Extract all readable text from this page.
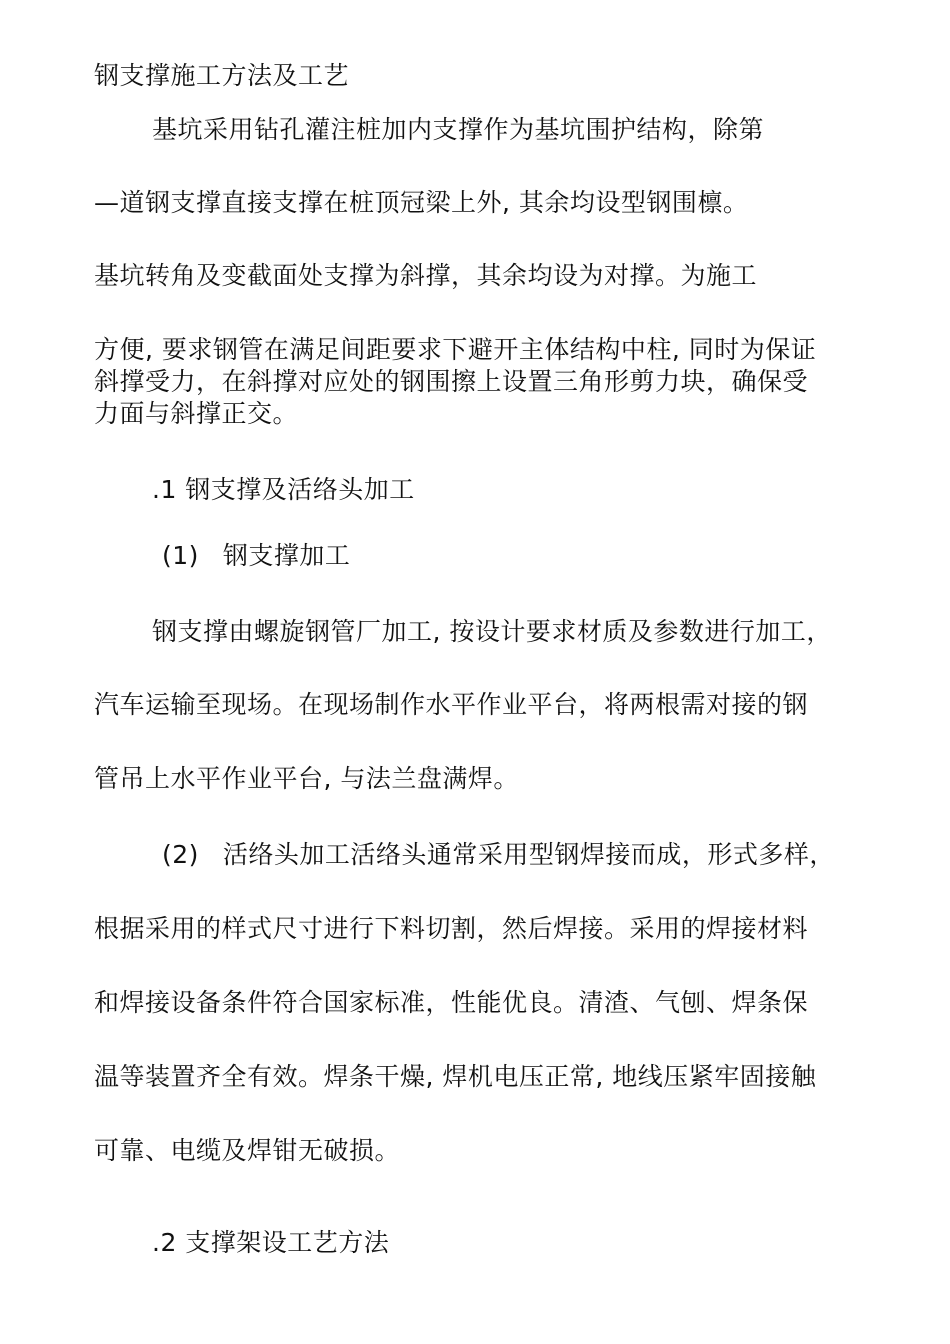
钢支撑施工方法及工艺
基坑采用钻孔灌注桩加内支撑作为基坑围护结构，除第
—道钢支撑直接支撑在桩顶冠梁上外, 其余均设型钢围檩。
基坑转角及变截面处支撑为斜撑，其余均设为对撑。为施工
方便, 要求钢管在满足间距要求下避开主体结构中柱, 同时为保证
斜撑受力，在斜撑对应处的钢围擦上设置三角形剪力块，确保受
力面与斜撑正交。
.1 钢支撑及活络头加工
(1) 钢支撑加工
钢支撑由螺旋钢管厂加工, 按设计要求材质及参数进行加工，
汽车运输至现场。在现场制作水平作业平台，将两根需对接的钢
管吊上水平作业平台, 与法兰盘满焊。
(2) 活络头加工活络头通常采用型钢焊接而成，形式多样，
根据采用的样式尺寸进行下料切割，然后焊接。采用的焊接材料
和焊接设备条件符合国家标准，性能优良。清渣、气刨、焊条保
温等装置齐全有效。焊条干燥, 焊机电压正常, 地线压紧牢固接触
可靠、电缆及焊钳无破损。
.2 支撑架设工艺方法
